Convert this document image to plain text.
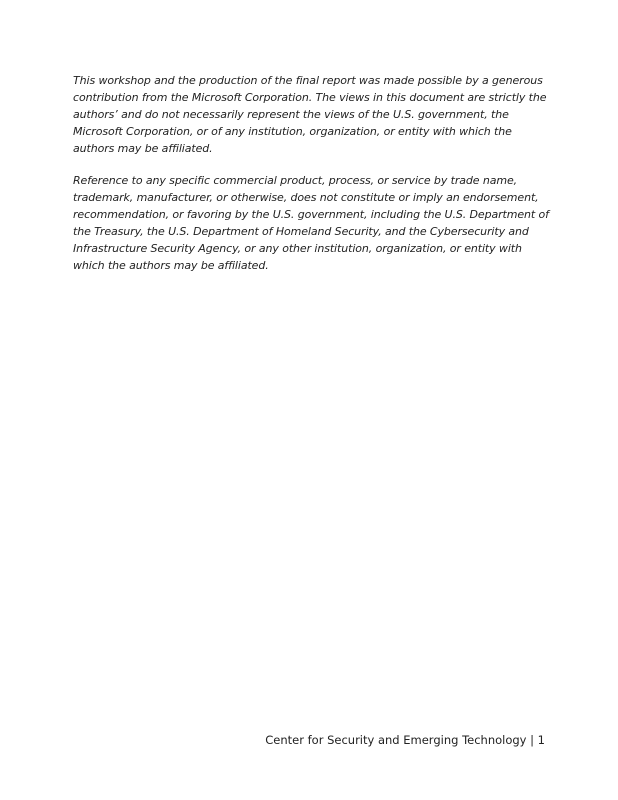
This workshop and the production of the final report was made possible by a generous contribution from the Microsoft Corporation. The views in this document are strictly the authors’ and do not necessarily represent the views of the U.S. government, the Microsoft Corporation, or of any institution, organization, or entity with which the authors may be affiliated.

Reference to any specific commercial product, process, or service by trade name, trademark, manufacturer, or otherwise, does not constitute or imply an endorsement, recommendation, or favoring by the U.S. government, including the U.S. Department of the Treasury, the U.S. Department of Homeland Security, and the Cybersecurity and Infrastructure Security Agency, or any other institution, organization, or entity with which the authors may be affiliated.

Center for Security and Emerging Technology | 1
